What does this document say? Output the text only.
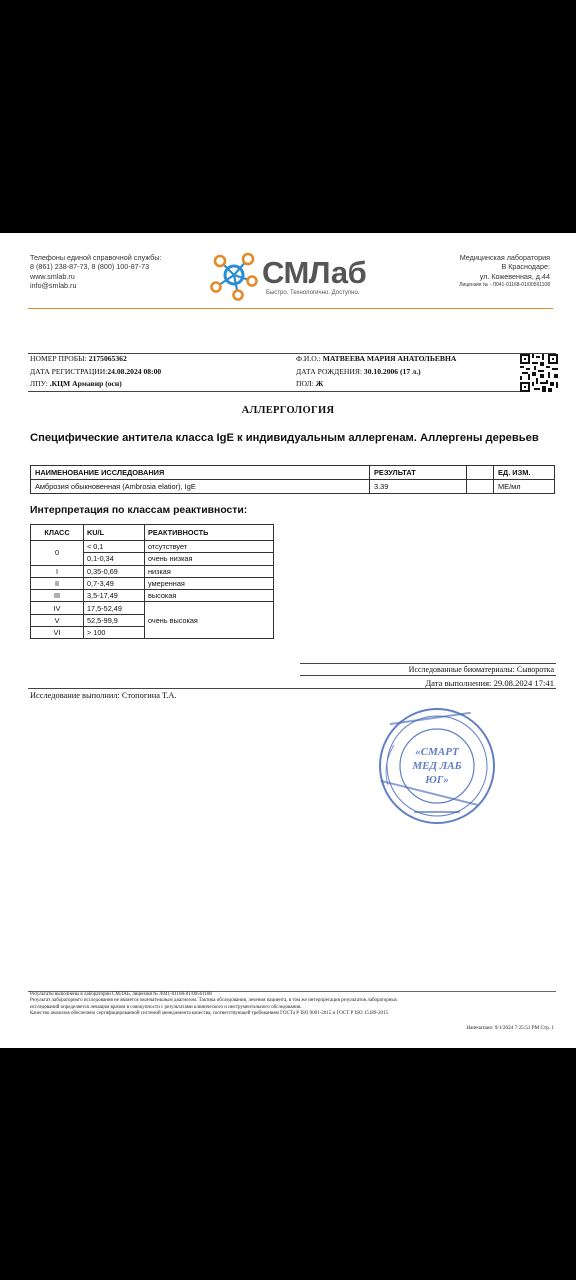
Телефоны единой справочной службы:
8 (861) 238-87-73, 8 (800) 100-87-73
www.smlab.ru
info@smlab.ru	СМЛаб
Быстро. Технологично. Доступно.
Медицинская лаборатория
В Краснодаре:
ул. Кожевенная, д.44
Лицензия № - Л041-01168-01/00561108
НОМЕР ПРОБЫ: 2175065362
ДАТА РЕГИСТРАЦИИ:24.08.2024 08:00
ЛПУ: .КЦМ Армавир (осн)
Ф.И.О.: МАТВЕЕВА МАРИЯ АНАТОЛЬЕВНА
ДАТА РОЖДЕНИЯ: 30.10.2006 (17 л.)
ПОЛ: Ж
АЛЛЕРГОЛОГИЯ
Специфические антитела класса IgE к индивидуальным аллергенам. Аллергены деревьев
НАИМЕНОВАНИЕ ИССЛЕДОВАНИЯ	РЕЗУЛЬТАТ		ЕД. ИЗМ.
Амброзия обыкновенная (Ambrosia elatior), IgE	3.39		МЕ/мл
Интерпретация по классам реактивности:
КЛАСС	KU/L	РЕАКТИВНОСТЬ
0	< 0,1	отсутствует
	0,1-0,34	очень низкая
I	0,35-0,69	низкая
II	0,7-3,49	умеренная
III	3,5-17,49	высокая
IV	17,5-52,49	очень высокая
V	52,5-99,9	
VI	> 100	
Исследованные биоматериалы: Сыворотка
Дата выполнения: 29.08.2024 17:41
Исследование выполнил: Стопогина Т.А.
«СМАРТ
МЕД ЛАБ
ЮГ»
Результаты выполнены в лаборатории СМЛАБ, лицензия № Л041-01168-01/00561108
Результат лабораторного исследования не является окончательным диагнозом. Тактика обследования, лечения пациента, в том же интерпретация результатов лабораторных
исследований определяется лечащим врачом в совокупности с результатами клинического и инструментального обследования.
Качество анализов обеспечено сертифицированной системой менеджмента качества, соответствующей требованиям ГОСТа Р ISO 9001-2015 и ГОСТ Р ISO 15189-2015
Напечатано: 9/1/2024 7:25:51 PM Стр. 1
